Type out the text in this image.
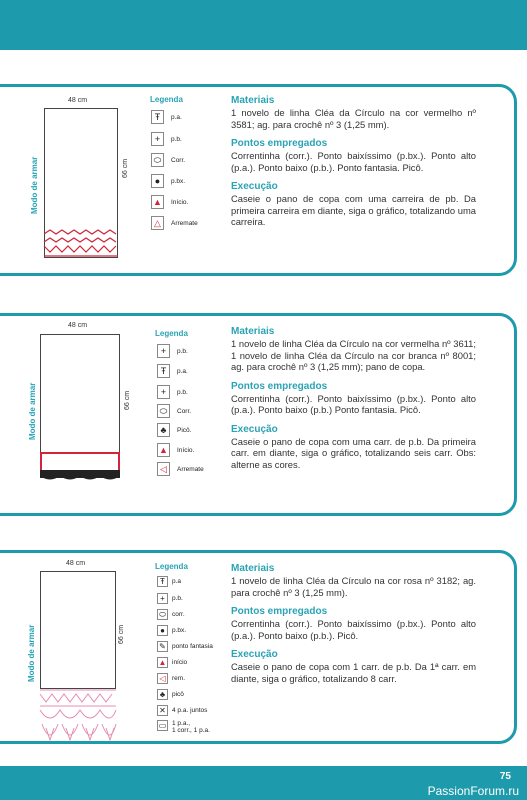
48 cm
66 cm
Modo de armar
Legenda
Ŧ	p.a.
+	p.b.
⬭	Corr.
●	p.bx.
▲	Início.
△	Arremate
Materiais
1 novelo de linha Cléa da Círculo na cor vermelho nº 3581; ag. para crochê nº 3 (1,25 mm).
Pontos empregados
Correntinha (corr.). Ponto baixíssimo (p.bx.). Ponto alto (p.a.). Ponto baixo (p.b.). Ponto fantasia. Picô.
Execução
Caseie o pano de copa com uma carreira de pb. Da primeira carreira em diante, siga o gráfico, totalizando uma carreira.
48 cm
66 cm
Modo de armar
Legenda
+	p.b.
Ŧ	p.a.
+	p.b.
⬭	Corr.
♣	Picô.
▲	Início.
◁	Arremate
Materiais
1 novelo de linha Cléa da Círculo na cor vermelha nº 3611; 1 novelo de linha Cléa da Círculo na cor branca nº 8001; ag. para crochê nº 3 (1,25 mm); pano de copa.
Pontos empregados
Correntinha (corr.). Ponto baixíssimo (p.bx.). Ponto alto (p.a.). Ponto baixo (p.b.) Ponto fantasia. Picô.
Execução
Caseie o pano de copa com uma carr. de p.b. Da primeira carr. em diante, siga o gráfico, totalizando seis carr. Obs: alterne as cores.
48 cm
66 cm
Modo de armar
Legenda
Ŧ	p.a
+	p.b.
⬭ corr.
●	p.bx.
✎ ponto fantasia
▲ início
◁ rem.
♣	picô
✕ 4 p.a. juntos
▭ 1 p.a.,
1 corr., 1 p.a.
Materiais
1 novelo de linha Cléa da Círculo na cor rosa nº 3182; ag. para crochê nº 3 (1,25 mm).
Pontos empregados
Correntinha (corr.). Ponto baixíssimo (p.bx.). Ponto alto (p.a.). Ponto baixo (p.b.). Picô.
Execução
Caseie o pano de copa com 1 carr. de p.b. Da 1ª carr. em diante, siga o gráfico, totalizando 8 carr.
75
PassionForum.ru
